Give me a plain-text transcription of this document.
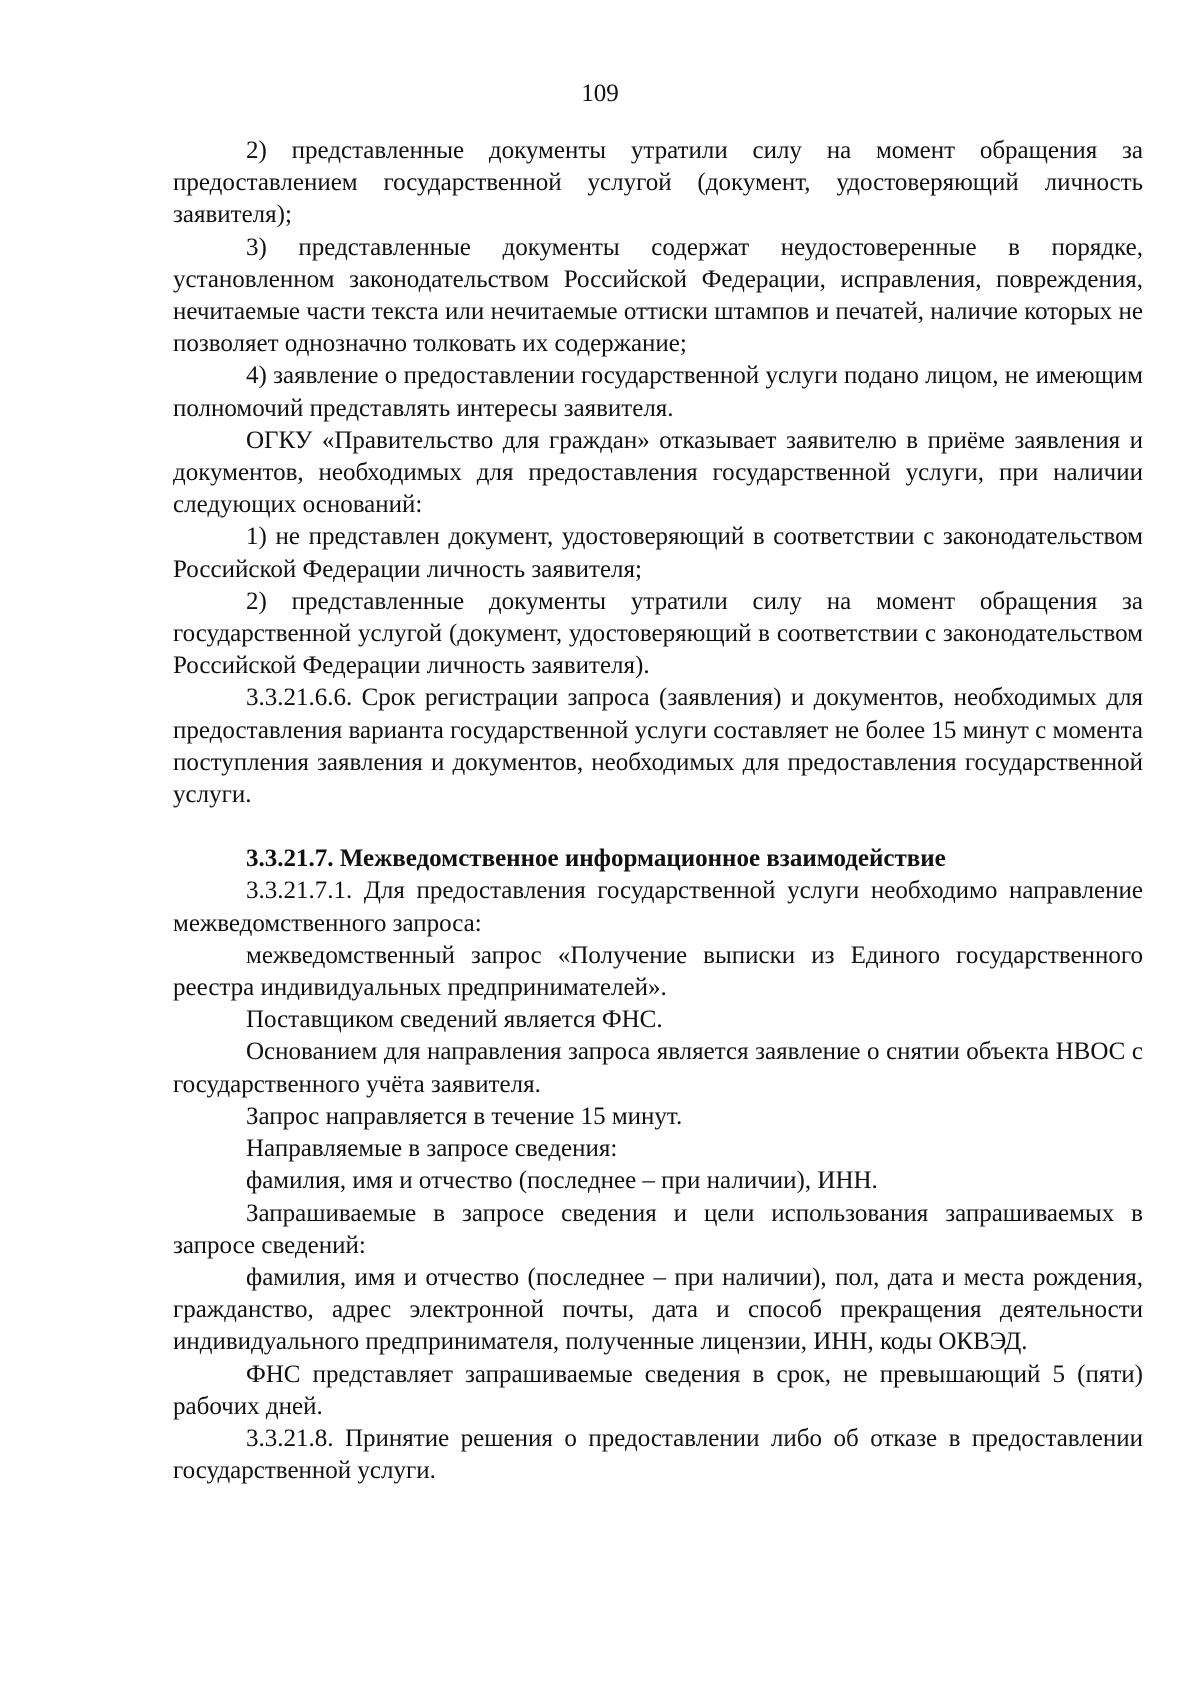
109

2) представленные документы утратили силу на момент обращения за предоставлением государственной услугой (документ, удостоверяющий личность заявителя);

3) представленные документы содержат неудостоверенные в порядке, установленном законодательством Российской Федерации, исправления, повреждения, нечитаемые части текста или нечитаемые оттиски штампов и печатей, наличие которых не позволяет однозначно толковать их содержание;

4) заявление о предоставлении государственной услуги подано лицом, не имеющим полномочий представлять интересы заявителя.

ОГКУ «Правительство для граждан» отказывает заявителю в приёме заявления и документов, необходимых для предоставления государственной услуги, при наличии следующих оснований:

1) не представлен документ, удостоверяющий в соответствии с законодательством Российской Федерации личность заявителя;

2) представленные документы утратили силу на момент обращения за государственной услугой (документ, удостоверяющий в соответствии с законодательством Российской Федерации личность заявителя).

3.3.21.6.6. Срок регистрации запроса (заявления) и документов, необходимых для предоставления варианта государственной услуги составляет не более 15 минут с момента поступления заявления и документов, необходимых для предоставления государственной услуги.

3.3.21.7. Межведомственное информационное взаимодействие

3.3.21.7.1. Для предоставления государственной услуги необходимо направление межведомственного запроса:

межведомственный запрос «Получение выписки из Единого государственного реестра индивидуальных предпринимателей».

Поставщиком сведений является ФНС.

Основанием для направления запроса является заявление о снятии объекта НВОС с государственного учёта заявителя.

Запрос направляется в течение 15 минут.

Направляемые в запросе сведения:

фамилия, имя и отчество (последнее – при наличии), ИНН.

Запрашиваемые в запросе сведения и цели использования запрашиваемых в запросе сведений:

фамилия, имя и отчество (последнее – при наличии), пол, дата и места рождения, гражданство, адрес электронной почты, дата и способ прекращения деятельности индивидуального предпринимателя, полученные лицензии, ИНН, коды ОКВЭД.

ФНС представляет запрашиваемые сведения в срок, не превышающий 5 (пяти) рабочих дней.

3.3.21.8. Принятие решения о предоставлении либо об отказе в предоставлении государственной услуги.
